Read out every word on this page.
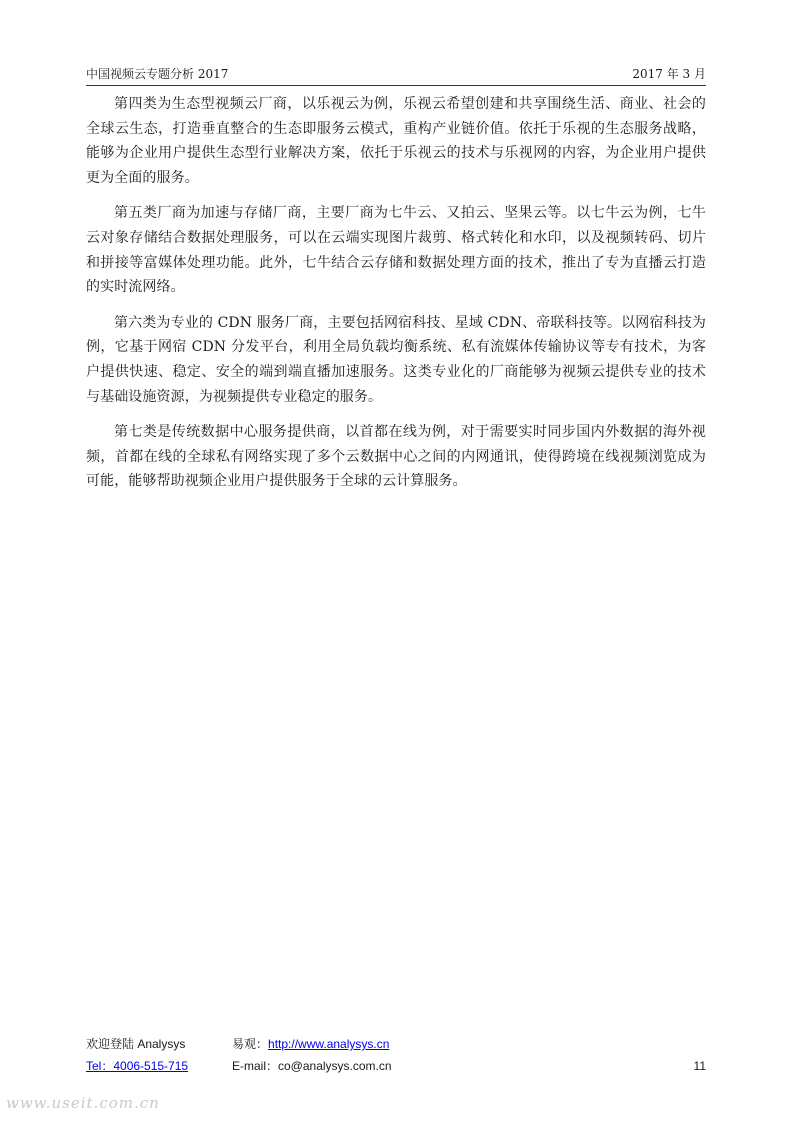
中国视频云专题分析 2017	2017 年 3 月

第四类为生态型视频云厂商，以乐视云为例，乐视云希望创建和共享围绕生活、商业、社会的全球云生态，打造垂直整合的生态即服务云模式，重构产业链价值。依托于乐视的生态服务战略，能够为企业用户提供生态型行业解决方案，依托于乐视云的技术与乐视网的内容，为企业用户提供更为全面的服务。

第五类厂商为加速与存储厂商，主要厂商为七牛云、又拍云、坚果云等。以七牛云为例，七牛云对象存储结合数据处理服务，可以在云端实现图片裁剪、格式转化和水印，以及视频转码、切片和拼接等富媒体处理功能。此外，七牛结合云存储和数据处理方面的技术，推出了专为直播云打造的实时流网络。

第六类为专业的 CDN 服务厂商，主要包括网宿科技、星域 CDN、帝联科技等。以网宿科技为例，它基于网宿 CDN 分发平台，利用全局负载均衡系统、私有流媒体传输协议等专有技术，为客户提供快速、稳定、安全的端到端直播加速服务。这类专业化的厂商能够为视频云提供专业的技术与基础设施资源，为视频提供专业稳定的服务。

第七类是传统数据中心服务提供商，以首都在线为例，对于需要实时同步国内外数据的海外视频，首都在线的全球私有网络实现了多个云数据中心之间的内网通讯，使得跨境在线视频浏览成为可能，能够帮助视频企业用户提供服务于全球的云计算服务。

欢迎登陆 Analysys	易观：http://www.analysys.cn
Tel：4006-515-715	E-mail：co@analysys.com.cn	11
www.useit.com.cn
